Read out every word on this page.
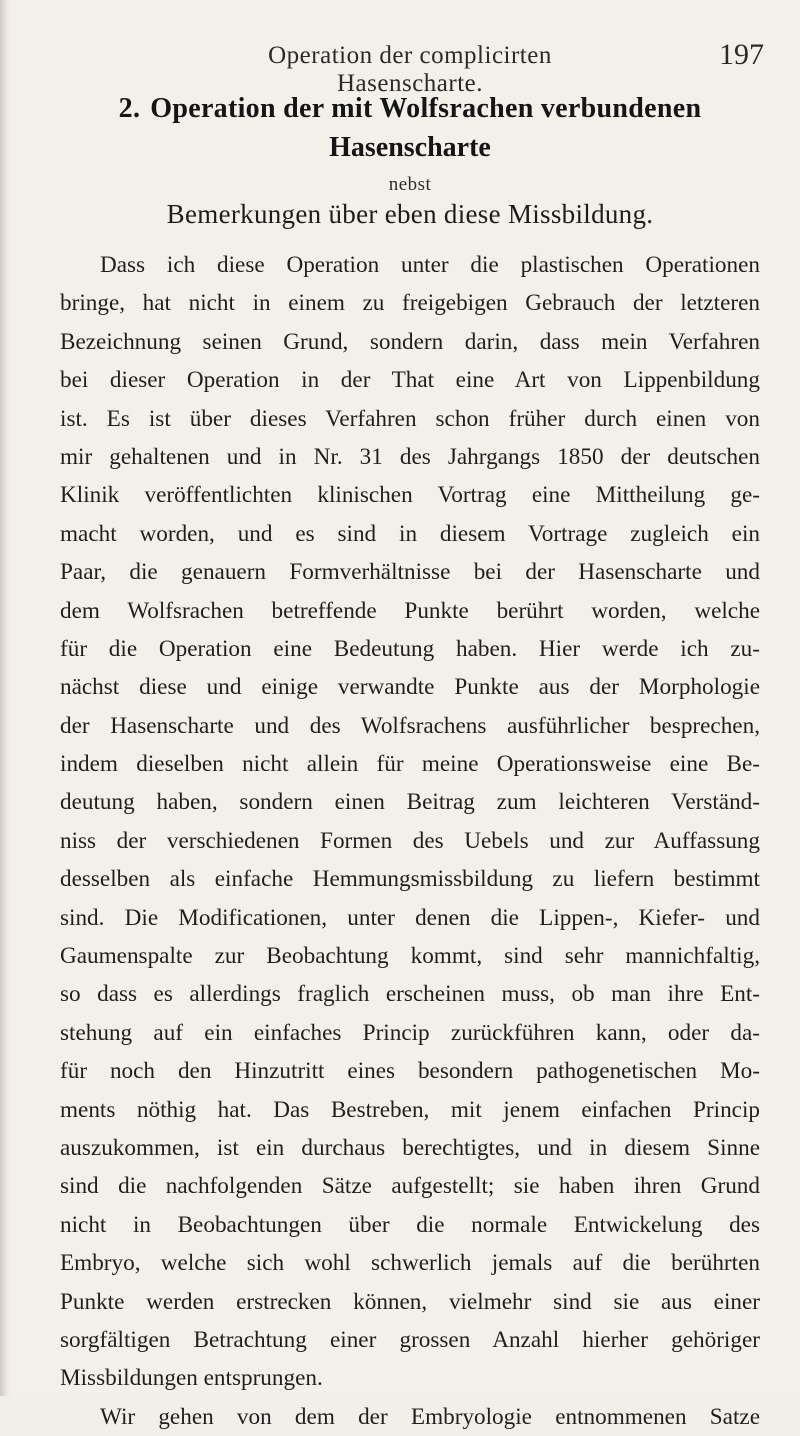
Operation der complicirten Hasenscharte.
197
2. Operation der mit Wolfsrachen verbundenen
Hasenscharte
nebst
Bemerkungen über eben diese Missbildung.
Dass ich diese Operation unter die plastischen Operationen
bringe, hat nicht in einem zu freigebigen Gebrauch der letzteren
Bezeichnung seinen Grund, sondern darin, dass mein Verfahren
bei dieser Operation in der That eine Art von Lippenbildung
ist. Es ist über dieses Verfahren schon früher durch einen von
mir gehaltenen und in Nr. 31 des Jahrgangs 1850 der deutschen
Klinik veröffentlichten klinischen Vortrag eine Mittheilung ge-
macht worden, und es sind in diesem Vortrage zugleich ein
Paar, die genauern Formverhältnisse bei der Hasenscharte und
dem Wolfsrachen betreffende Punkte berührt worden, welche
für die Operation eine Bedeutung haben. Hier werde ich zu-
nächst diese und einige verwandte Punkte aus der Morphologie
der Hasenscharte und des Wolfsrachens ausführlicher besprechen,
indem dieselben nicht allein für meine Operationsweise eine Be-
deutung haben, sondern einen Beitrag zum leichteren Verständ-
niss der verschiedenen Formen des Uebels und zur Auffassung
desselben als einfache Hemmungsmissbildung zu liefern bestimmt
sind. Die Modificationen, unter denen die Lippen-, Kiefer- und
Gaumenspalte zur Beobachtung kommt, sind sehr mannichfaltig,
so dass es allerdings fraglich erscheinen muss, ob man ihre Ent-
stehung auf ein einfaches Princip zurückführen kann, oder da-
für noch den Hinzutritt eines besondern pathogenetischen Mo-
ments nöthig hat. Das Bestreben, mit jenem einfachen Princip
auszukommen, ist ein durchaus berechtigtes, und in diesem Sinne
sind die nachfolgenden Sätze aufgestellt; sie haben ihren Grund
nicht in Beobachtungen über die normale Entwickelung des
Embryo, welche sich wohl schwerlich jemals auf die berührten
Punkte werden erstrecken können, vielmehr sind sie aus einer
sorgfältigen Betrachtung einer grossen Anzahl hierher gehöriger
Missbildungen entsprungen.
Wir gehen von dem der Embryologie entnommenen Satze
